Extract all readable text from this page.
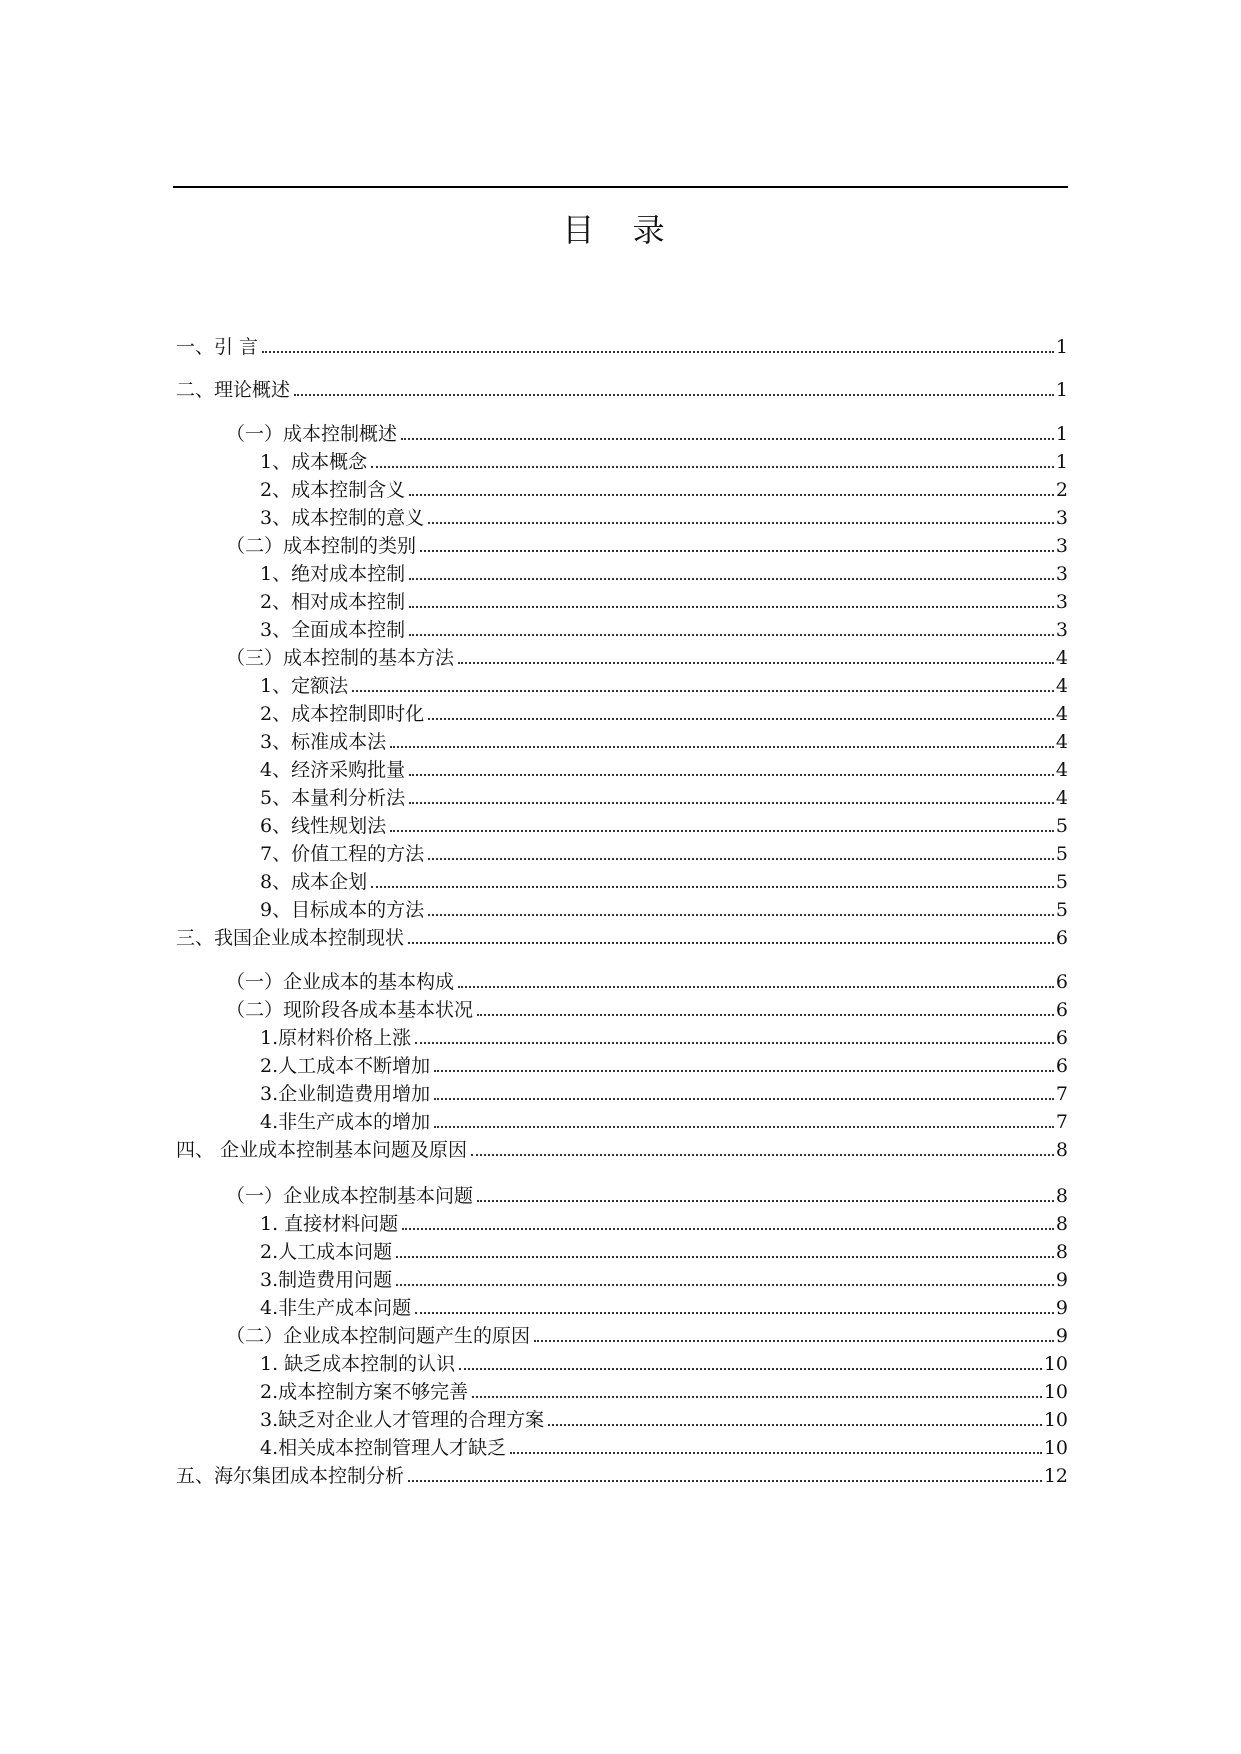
目 录
一、引 言	1
二、理论概述	1
（一）成本控制概述	1
1、成本概念	1
2、成本控制含义	2
3、成本控制的意义	3
（二）成本控制的类别	3
1、绝对成本控制	3
2、相对成本控制	3
3、全面成本控制	3
（三）成本控制的基本方法	4
1、定额法	4
2、成本控制即时化	4
3、标准成本法	4
4、经济采购批量	4
5、本量利分析法	4
6、线性规划法	5
7、价值工程的方法	5
8、成本企划	5
9、目标成本的方法	5
三、我国企业成本控制现状	6
（一）企业成本的基本构成	6
（二）现阶段各成本基本状况	6
1.原材料价格上涨	6
2.人工成本不断增加	6
3.企业制造费用增加	7
4.非生产成本的增加	7
四、 企业成本控制基本问题及原因	8
（一）企业成本控制基本问题	8
1. 直接材料问题	8
2.人工成本问题	8
3.制造费用问题	9
4.非生产成本问题	9
（二）企业成本控制问题产生的原因	9
1. 缺乏成本控制的认识	10
2.成本控制方案不够完善	10
3.缺乏对企业人才管理的合理方案	10
4.相关成本控制管理人才缺乏	10
五、海尔集团成本控制分析	12
